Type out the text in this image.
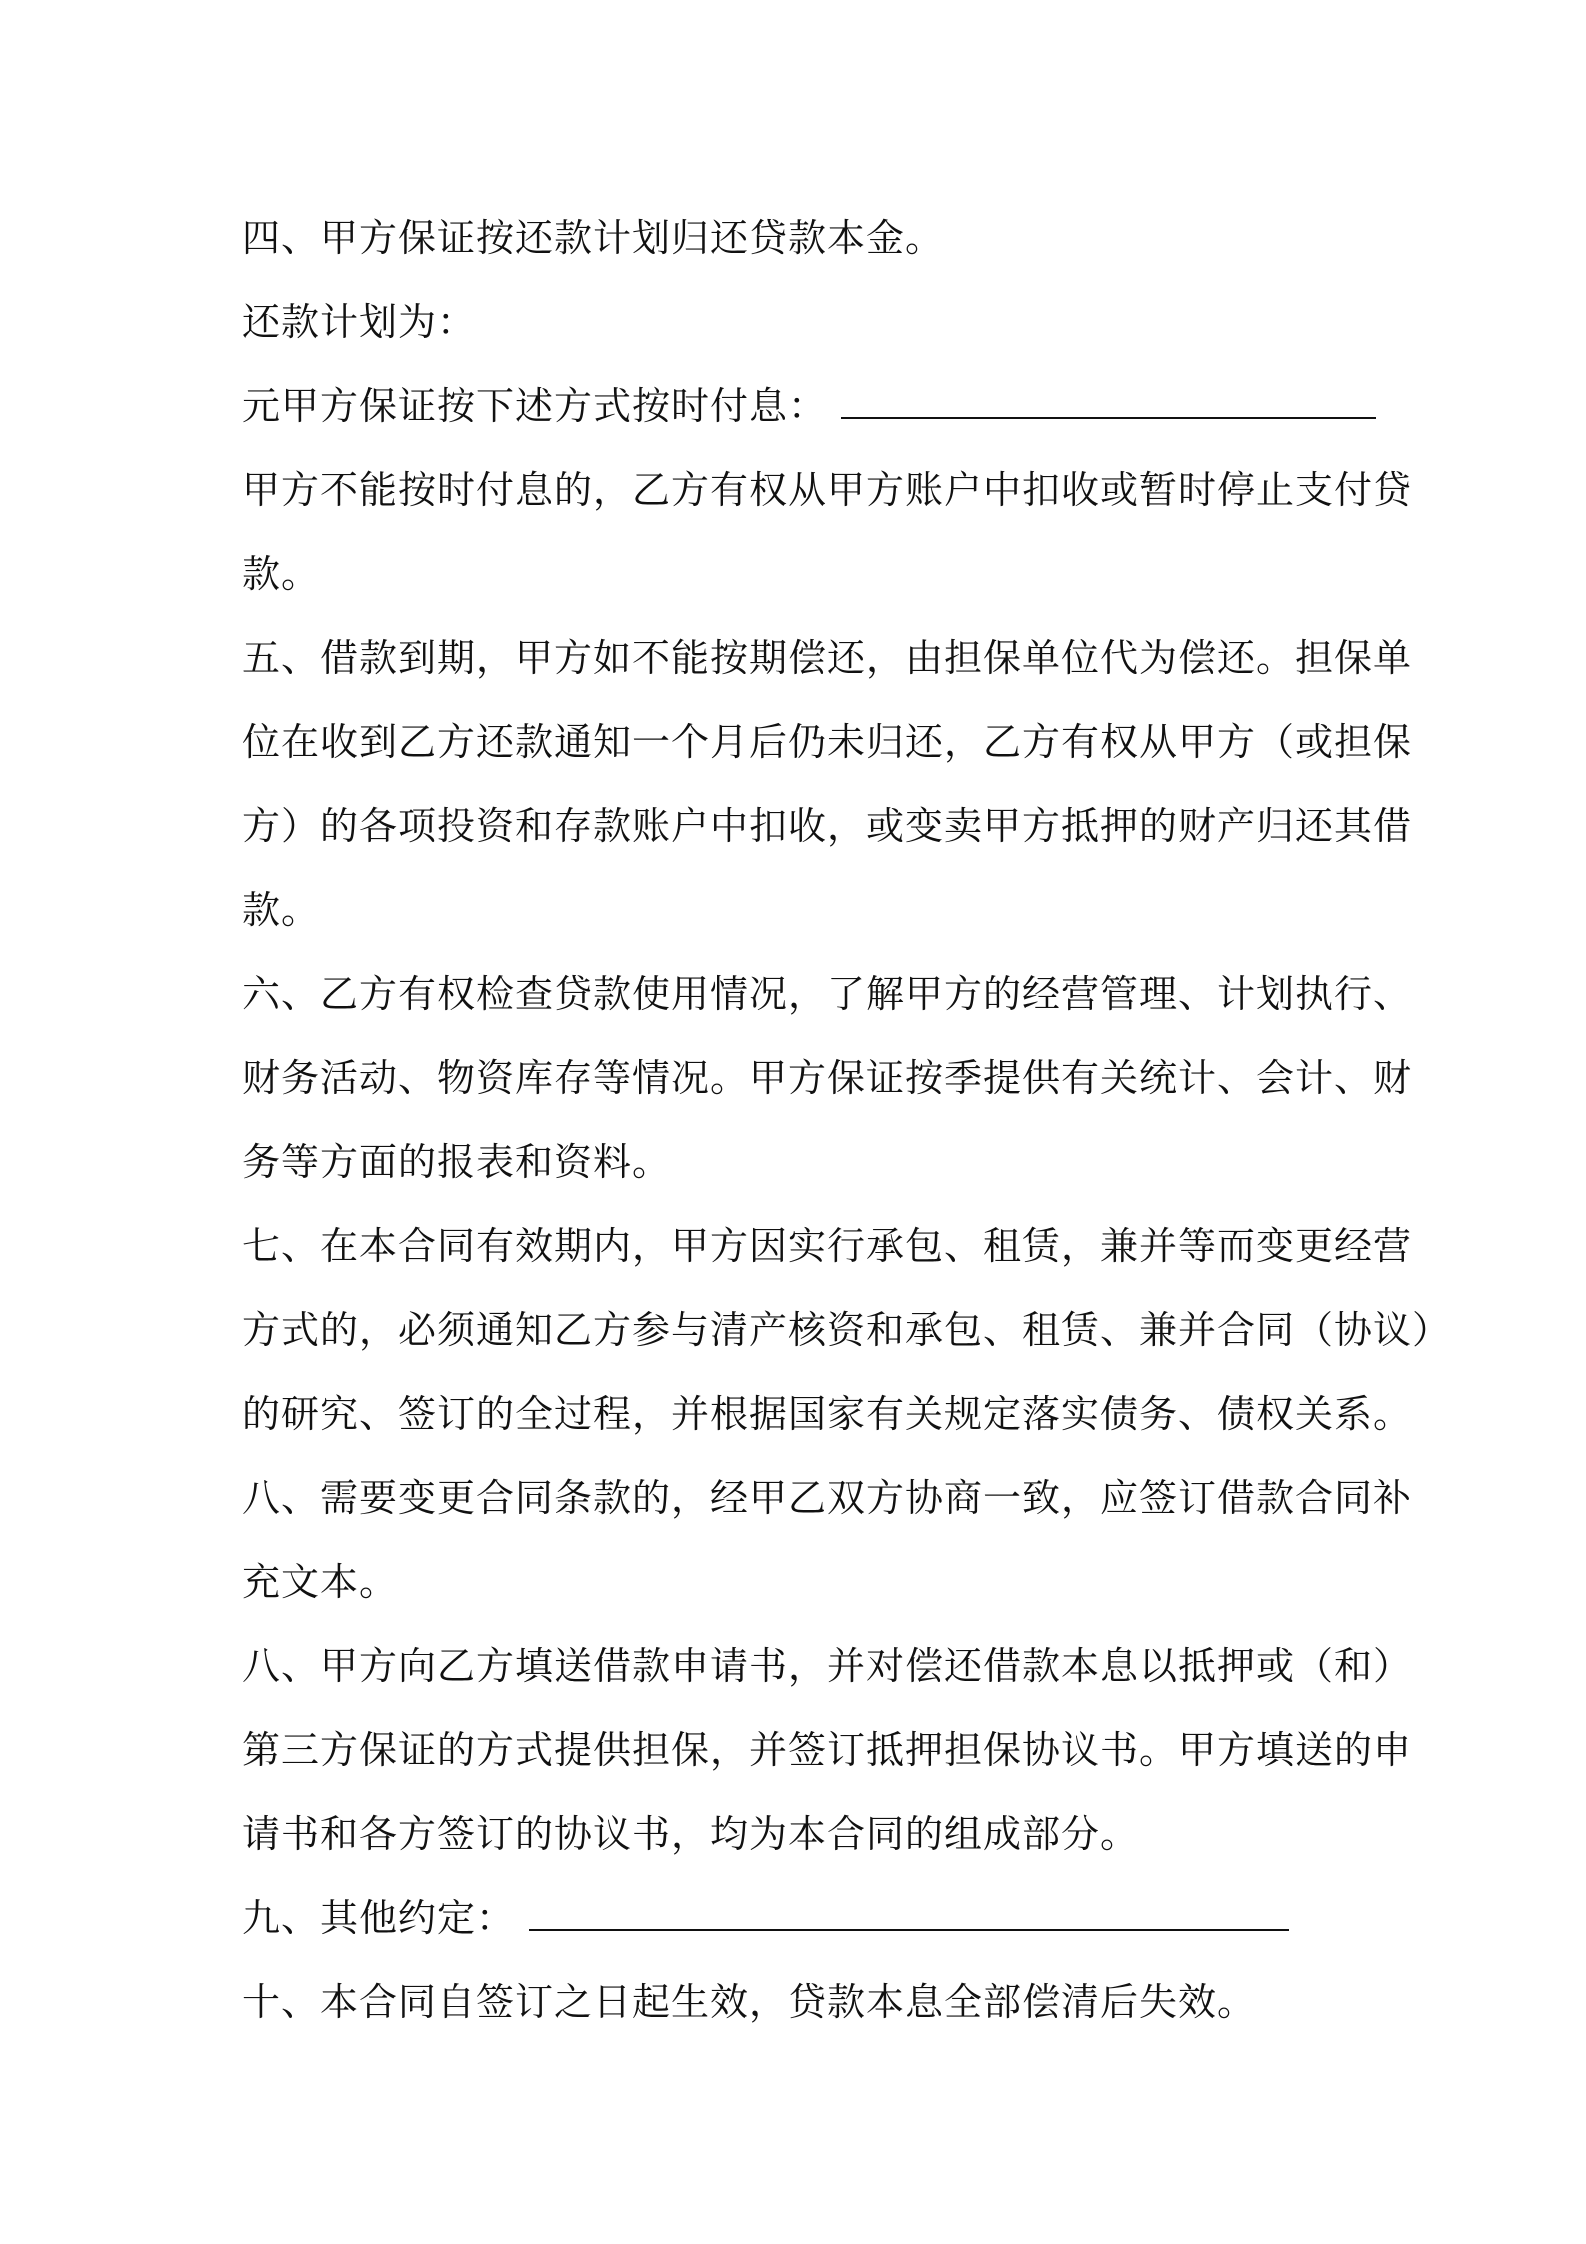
四、甲方保证按还款计划归还贷款本金。
还款计划为：
元甲方保证按下述方式按时付息：
甲方不能按时付息的，乙方有权从甲方账户中扣收或暂时停止支付贷
款。
五、借款到期，甲方如不能按期偿还，由担保单位代为偿还。担保单
位在收到乙方还款通知一个月后仍未归还，乙方有权从甲方（或担保
方）的各项投资和存款账户中扣收，或变卖甲方抵押的财产归还其借
款。
六、乙方有权检查贷款使用情况，了解甲方的经营管理、计划执行、
财务活动、物资库存等情况。甲方保证按季提供有关统计、会计、财
务等方面的报表和资料。
七、在本合同有效期内，甲方因实行承包、租赁，兼并等而变更经营
方式的，必须通知乙方参与清产核资和承包、租赁、兼并合同（协议）
的研究、签订的全过程，并根据国家有关规定落实债务、债权关系。
八、需要变更合同条款的，经甲乙双方协商一致，应签订借款合同补
充文本。
八、甲方向乙方填送借款申请书，并对偿还借款本息以抵押或（和）
第三方保证的方式提供担保，并签订抵押担保协议书。甲方填送的申
请书和各方签订的协议书，均为本合同的组成部分。
九、其他约定：
十、本合同自签订之日起生效，贷款本息全部偿清后失效。
